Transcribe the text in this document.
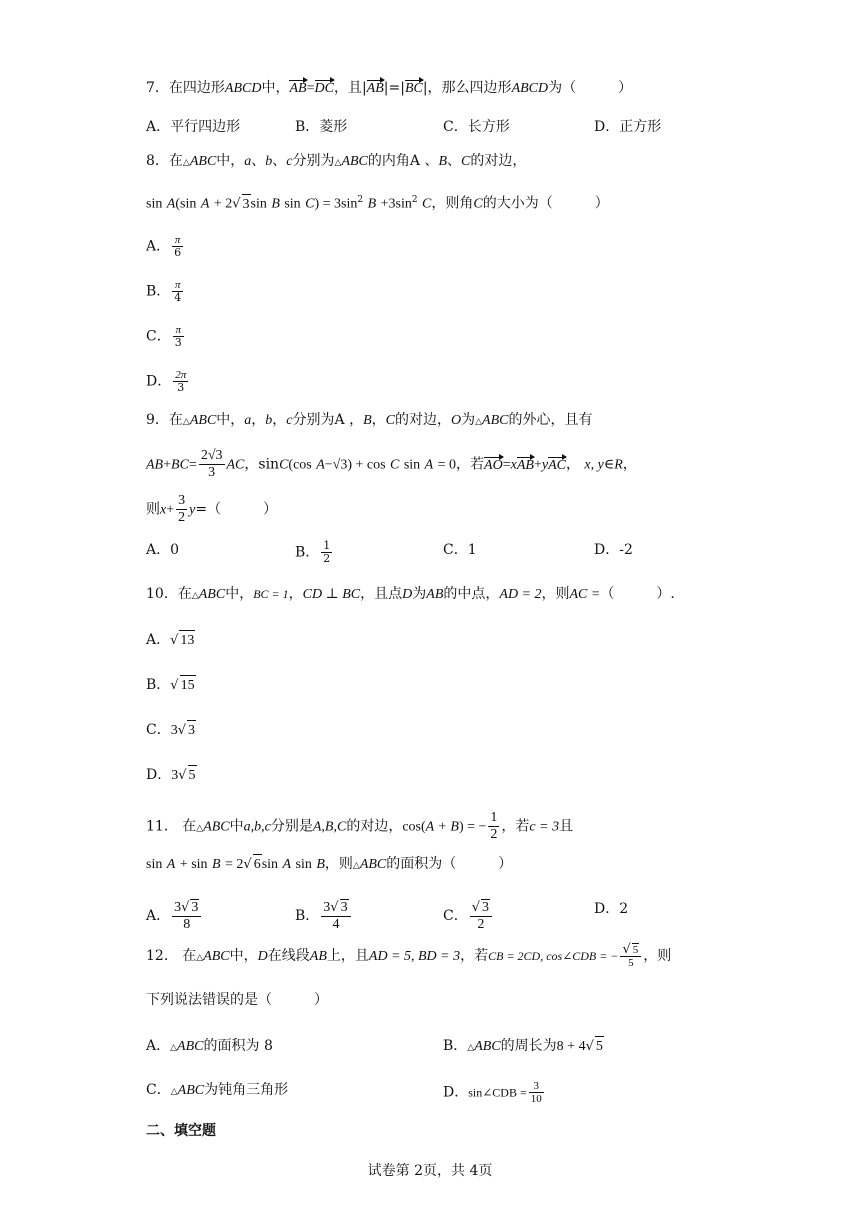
7．在四边形ABCD中，AB=DC，且|AB|=|BC|，那么四边形ABCD为（　　　）
A．平行四边形	B．菱形	C．长方形	D．正方形
8．在△ABC中，a、b、c分别为△ABC的内角A 、B、C的对边，
sin A(sin A + 2√ 3sin B $\sin C) = 3\sin^2$ $B +3\sin^2$ C，则角C的大小为（　　　）
A． $\frac{\pi}{6}$
B． $\frac{\pi}{4}$
C． $\frac{\pi}{3}$
D． $\frac{2\pi}{3}$
9．在△ABC中，a，b，c分别为A ，B，C的对边，O为△ABC的外心，且有
$AB+BC= \frac{2√3}{3}$ AC，sinC(cos A−√3) + cos C sin A = 0，若AO=xAB+yAC， x, y∈R，
则$x+ \frac{3}{2} y=$（　　　）
A．0	B． $\frac{1}{2}$	C．1	D．-2
10．在△ABC中，BC = 1，CD ⊥ BC，且点D为AB的中点，AD = 2，则AC =（　　　）.
A．√ 13
B．√ 15
C．3√ 3
D．3√ 5
11． 在△ABC中a,b,c分别是A,B,C的对边，cos(A + B) = − $\frac{1}{2}$ ，若c = 3且
sin A + sin B = 2√ 6sin A sin B，则△ABC的面积为（　　　）
A． $\frac{3√ 3}{8}$	B． $\frac{3√ 3}{4}$	C． $\frac{√ 3}{2}$	D．2
12． 在△ABC中，D在线段AB上，且AD = 5, BD = 3，若CB = 2CD, cos∠CDB = − $\frac{√ 5}{5}$ ，则
下列说法错误的是（　　　）
A．△ABC的面积为 8	B．△ABC的周长为8 + 4√ 5
C．△ABC为钝角三角形	D．sin∠CDB = $\frac{3}{10}$
二、填空题
试卷第 2页，共 4页
